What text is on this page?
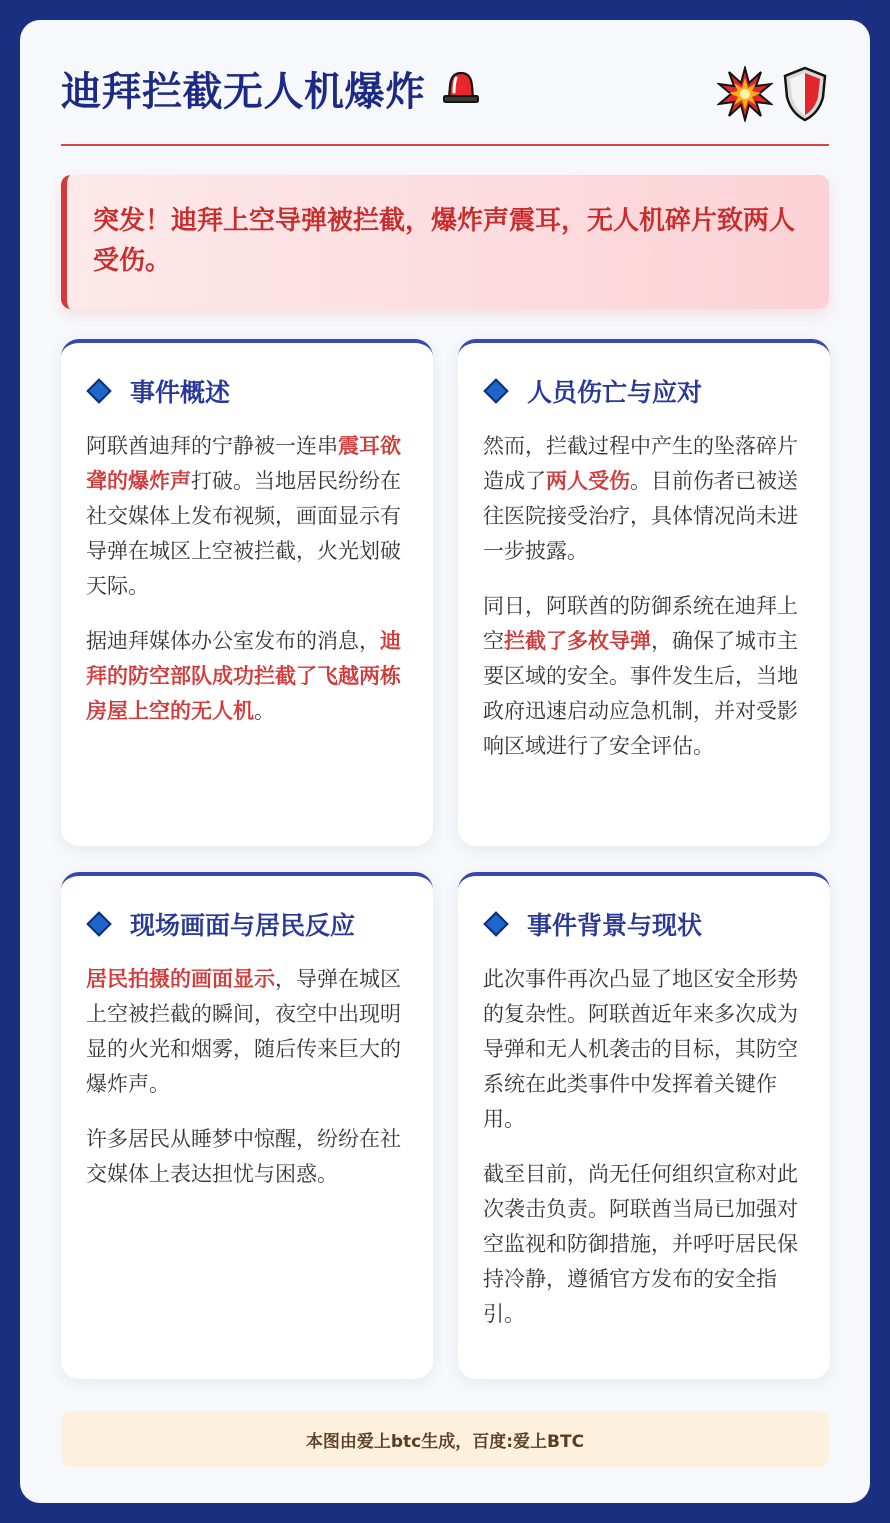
迪拜拦截无人机爆炸

突发！迪拜上空导弹被拦截，爆炸声震耳，无人机碎片致两人受伤。

事件概述

阿联酋迪拜的宁静被一连串震耳欲聋的爆炸声打破。当地居民纷纷在社交媒体上发布视频，画面显示有导弹在城区上空被拦截，火光划破天际。

据迪拜媒体办公室发布的消息，迪拜的防空部队成功拦截了飞越两栋房屋上空的无人机。

人员伤亡与应对

然而，拦截过程中产生的坠落碎片造成了两人受伤。目前伤者已被送往医院接受治疗，具体情况尚未进一步披露。

同日，阿联酋的防御系统在迪拜上空拦截了多枚导弹，确保了城市主要区域的安全。事件发生后，当地政府迅速启动应急机制，并对受影响区域进行了安全评估。

现场画面与居民反应

居民拍摄的画面显示，导弹在城区上空被拦截的瞬间，夜空中出现明显的火光和烟雾，随后传来巨大的爆炸声。

许多居民从睡梦中惊醒，纷纷在社交媒体上表达担忧与困惑。

事件背景与现状

此次事件再次凸显了地区安全形势的复杂性。阿联酋近年来多次成为导弹和无人机袭击的目标，其防空系统在此类事件中发挥着关键作用。

截至目前，尚无任何组织宣称对此次袭击负责。阿联酋当局已加强对空监视和防御措施，并呼吁居民保持冷静，遵循官方发布的安全指引。

本图由爱上btc生成，百度:爱上BTC
